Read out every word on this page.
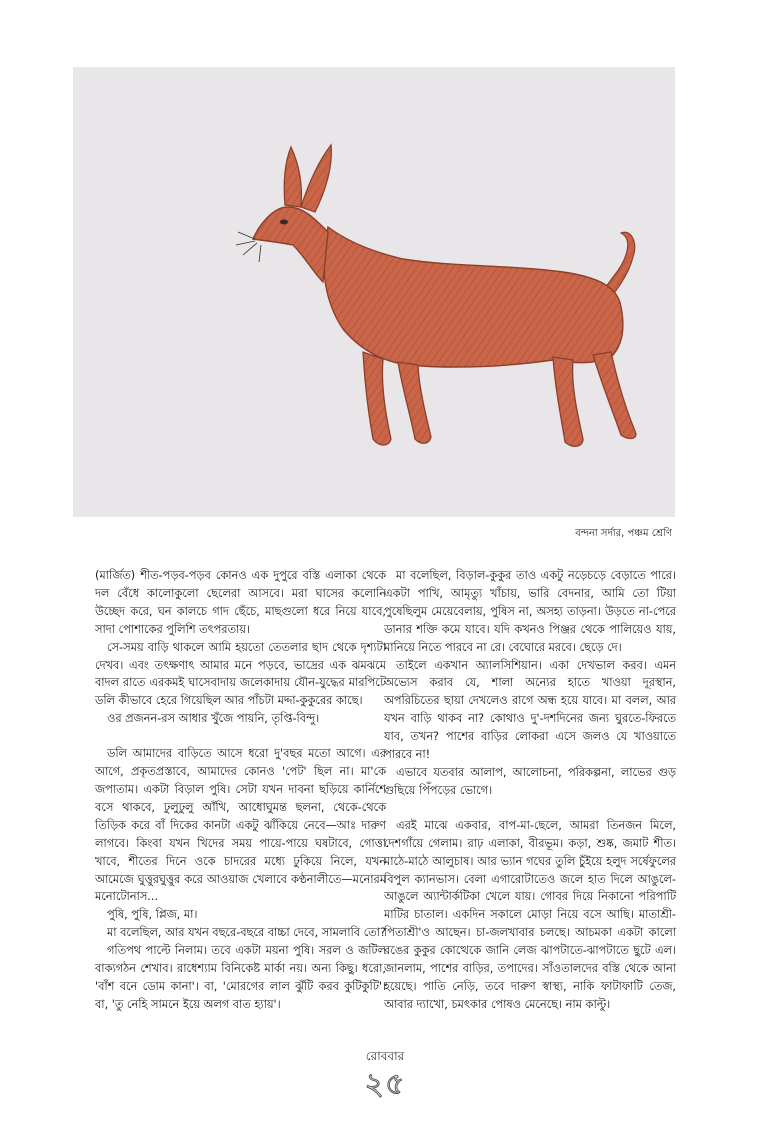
বন্দনা সর্দার, পঞ্চম শ্রেণি

(মার্জিত) শীত-পড়ব-পড়ব কোনও এক দুপুরে বস্তি এলাকা থেকে দল বেঁধে কালোকুলো ছেলেরা আসবে। মরা ঘাসের কলোনি উচ্ছেদ করে, ঘন কালচে গাদ ছেঁচে, মাছগুলো ধরে নিয়ে যাবে, সাদা পোশাকের পুলিশি তৎপরতায়।

সে-সময় বাড়ি থাকলে আমি হয়তো তেতলার ছাদ থেকে দৃশ্যটা দেখব। এবং তৎক্ষণাৎ আমার মনে পড়বে, ভাদ্রের এক ঝমঝমে বাদল রাতে এরকমই ঘাসেবাদায় জলেকাদায় যৌন-যুদ্ধের মারপিটে ডলি কীভাবে হেরে গিয়েছিল আর পাঁচটা মদ্দা-কুকুরের কাছে।

ওর প্রজনন-রস আধার খুঁজে পায়নি, তৃপ্তি-বিন্দু।

ডলি আমাদের বাড়িতে আসে ধরো দু'বছর মতো আগে। এর আগে, প্রকৃতপ্রস্তাবে, আমাদের কোনও 'পেট' ছিল না। মা'কে জপাতাম। একটা বিড়াল পুষি। সেটা যখন দাবনা ছড়িয়ে কার্নিশে বসে থাকবে, ঢুলুঢুলু আঁখি, আধোঘুমন্ত ছলনা, থেকে-থেকে তিড়িক করে বাঁ দিকের কানটা একটু ঝাঁকিয়ে নেবে—আঃ দারুণ লাগবে। কিংবা যখন খিদের সময় পায়ে-পায়ে ঘষটাবে, গোত্তা খাবে, শীতের দিনে ওকে চাদরের মধ্যে ঢুকিয়ে নিলে, যখন আমেজে ঘুত্তুরঘুত্তুর করে আওয়াজ খেলাবে কণ্ঠনালীতে—মনোরম মনোটোনাস...

পুষি, পুষি, প্লিজ, মা।

মা বলেছিল, আর যখন বছরে-বছরে বাচ্চা দেবে, সামলাবি তো?

গতিপথ পাল্টে নিলাম। তবে একটা ময়না পুষি। সরল ও জটিল বাক্যগঠন শেখাব। রাধেশ্যাম বিনিকেষ্ট মার্কা নয়। অন্য কিছু। ধরো, 'বাঁশ বনে ডোম কানা'। বা, 'মোরগের লাল ঝুঁটি করব কুটিকুটি'। বা, 'তু নেহি সামনে ইয়ে অলগ বাত হ্যায়'।

মা বলেছিল, বিড়াল-কুকুর তাও একটু নড়েচড়ে বেড়াতে পারে। একটা পাখি, আমৃত্যু খাঁচায়, ভারি বেদনার, আমি তো টিয়া পুষেছিলুম মেয়েবেলায়, পুষিস না, অসহ্য তাড়না। উড়তে না-পেরে ডানার শক্তি কমে যাবে। যদি কখনও পিঞ্জর থেকে পালিয়েও যায়, মানিয়ে নিতে পারবে না রে। বেঘোরে মরবে। ছেড়ে দে।

তাইলে একখান অ্যালসিশিয়ান। একা দেখভাল করব। এমন অভ্যেস করাব যে, শালা অন্যের হাতে খাওয়া দূরস্থান, অপরিচিতের ছায়া দেখলেও রাগে অন্ধ হয়ে যাবে। মা বলল, আর যখন বাড়ি থাকব না? কোথাও দু'-দশদিনের জন্য ঘুরতে-ফিরতে যাব, তখন? পাশের বাড়ির লোকরা এসে জলও যে খাওয়াতে পারবে না!

এভাবে যতবার আলাপ, আলোচনা, পরিকল্পনা, লাভের গুড় গুছিয়ে পিঁপড়ের ভোগে।

এরই মাঝে একবার, বাপ-মা-ছেলে, আমরা তিনজন মিলে, দেশগাঁয়ে গেলাম। রাঢ় এলাকা, বীরভূম। কড়া, শুষ্ক, জমাট শীত। মাঠে-মাঠে আলুচাষ। আর ভ্যান গঘের তুলি চুঁইয়ে হলুদ সর্ষেফুলের বিপুল ক্যানভাস। বেলা এগারোটাতেও জলে হাত দিলে আঙুলে-আঙুলে অ্যান্টার্কটিকা খেলে যায়। গোবর দিয়ে নিকানো পরিপাটি মাটির চাতাল। একদিন সকালে মোড়া নিয়ে বসে আছি। মাতাশ্রী-পিতাশ্রী'ও আছেন। চা-জলখাবার চলছে। আচমকা একটা কালো রঙের কুকুর কোত্থেকে জানি লেজ ঝাপটাতে-ঝাপটাতে ছুটে এল। জানলাম, পাশের বাড়ির, তপাদের। সাঁওতালদের বস্তি থেকে আনা হয়েছে। পাতি নেড়ি, তবে দারুণ স্বাস্থ্য, নাকি ফাটাফাটি তেজ, আবার দ্যাখো, চমৎকার পোষও মেনেছে। নাম কাল্টু।

রোববার
২৫
